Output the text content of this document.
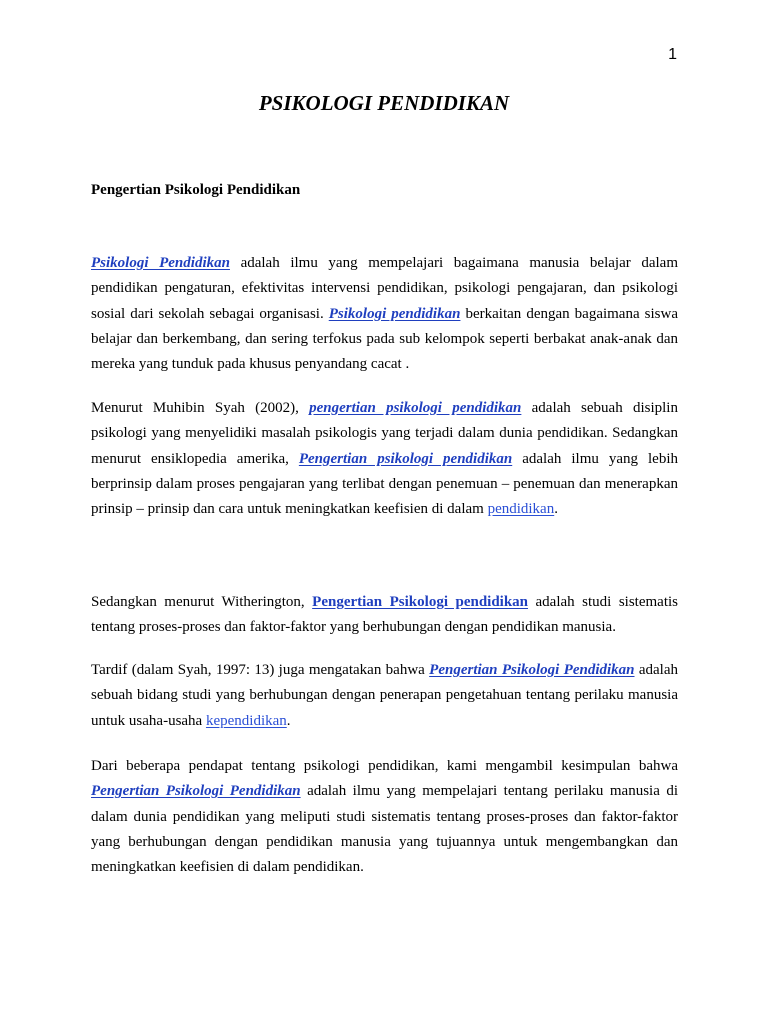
1
PSIKOLOGI PENDIDIKAN
Pengertian Psikologi Pendidikan

Psikologi Pendidikan adalah ilmu yang mempelajari bagaimana manusia belajar dalam pendidikan pengaturan, efektivitas intervensi pendidikan, psikologi pengajaran, dan psikologi sosial dari sekolah sebagai organisasi. Psikologi pendidikan berkaitan dengan bagaimana siswa belajar dan berkembang, dan sering terfokus pada sub kelompok seperti berbakat anak-anak dan mereka yang tunduk pada khusus penyandang cacat .

Menurut Muhibin Syah (2002), pengertian psikologi pendidikan adalah sebuah disiplin psikologi yang menyelidiki masalah psikologis yang terjadi dalam dunia pendidikan. Sedangkan menurut ensiklopedia amerika, Pengertian psikologi pendidikan adalah ilmu yang lebih berprinsip dalam proses pengajaran yang terlibat dengan penemuan – penemuan dan menerapkan prinsip – prinsip dan cara untuk meningkatkan keefisien di dalam pendidikan.

Sedangkan menurut Witherington, Pengertian Psikologi pendidikan adalah studi sistematis tentang proses-proses dan faktor-faktor yang berhubungan dengan pendidikan manusia.

Tardif (dalam Syah, 1997: 13) juga mengatakan bahwa Pengertian Psikologi Pendidikan adalah sebuah bidang studi yang berhubungan dengan penerapan pengetahuan tentang perilaku manusia untuk usaha-usaha kependidikan.

Dari beberapa pendapat tentang psikologi pendidikan, kami mengambil kesimpulan bahwa Pengertian Psikologi Pendidikan adalah ilmu yang mempelajari tentang perilaku manusia di dalam dunia pendidikan yang meliputi studi sistematis tentang proses-proses dan faktor-faktor yang berhubungan dengan pendidikan manusia yang tujuannya untuk mengembangkan dan meningkatkan keefisien di dalam pendidikan.
